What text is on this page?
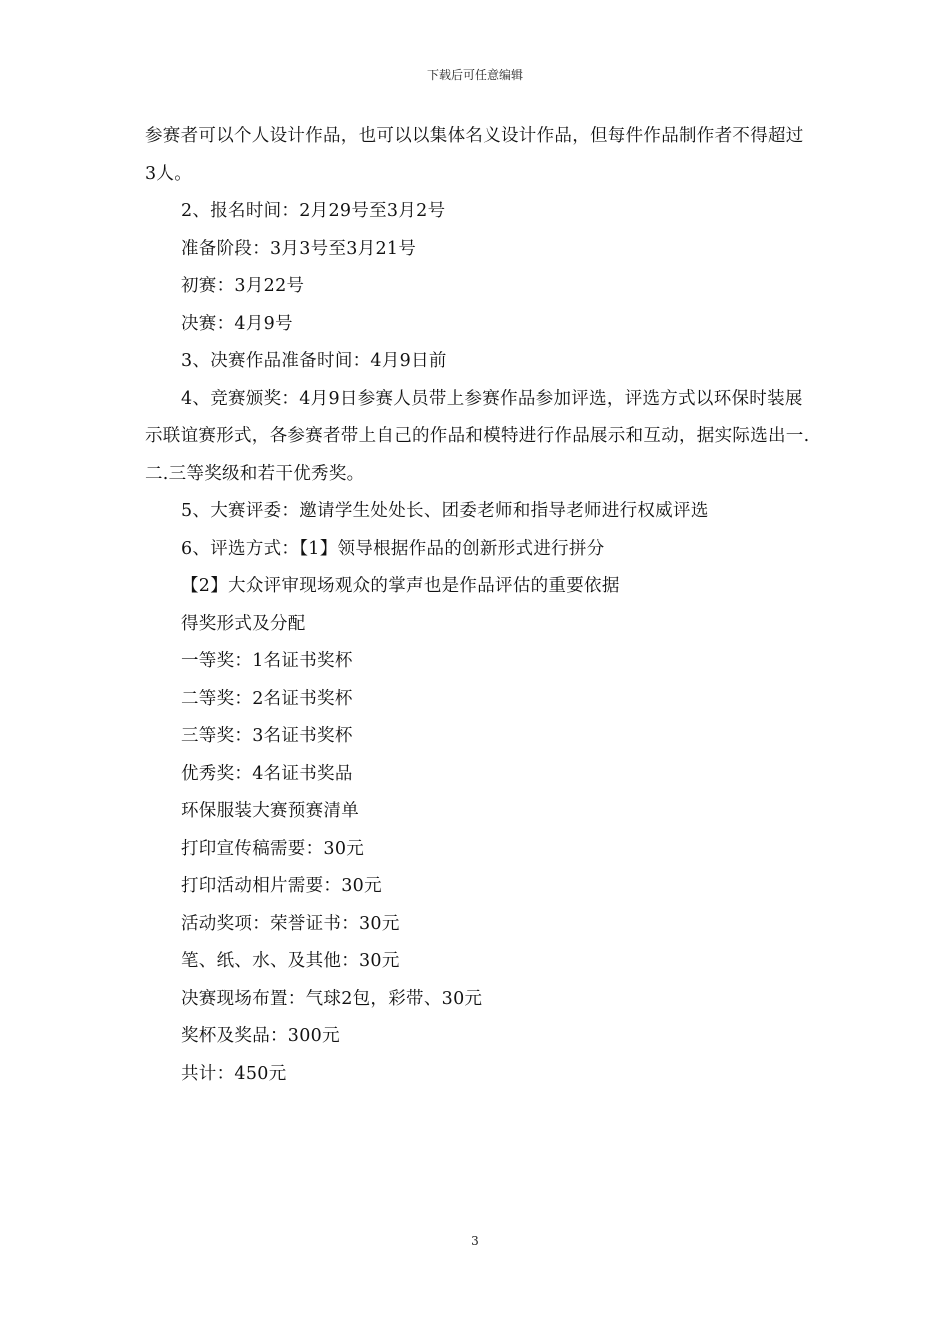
下载后可任意编辑

参赛者可以个人设计作品，也可以以集体名义设计作品，但每件作品制作者不得超过3人。

2、报名时间：2月29号至3月2号

准备阶段：3月3号至3月21号

初赛：3月22号

决赛：4月9号

3、决赛作品准备时间：4月9日前

4、竞赛颁奖：4月9日参赛人员带上参赛作品参加评选，评选方式以环保时装展示联谊赛形式，各参赛者带上自己的作品和模特进行作品展示和互动，据实际选出一.二.三等奖级和若干优秀奖。

5、大赛评委：邀请学生处处长、团委老师和指导老师进行权威评选

6、评选方式：【1】领导根据作品的创新形式进行拼分

【2】大众评审现场观众的掌声也是作品评估的重要依据

得奖形式及分配

一等奖：1名证书奖杯

二等奖：2名证书奖杯

三等奖：3名证书奖杯

优秀奖：4名证书奖品

环保服装大赛预赛清单

打印宣传稿需要：30元

打印活动相片需要：30元

活动奖项：荣誉证书：30元

笔、纸、水、及其他：30元

决赛现场布置：气球2包，彩带、30元

奖杯及奖品：300元

共计：450元

3
